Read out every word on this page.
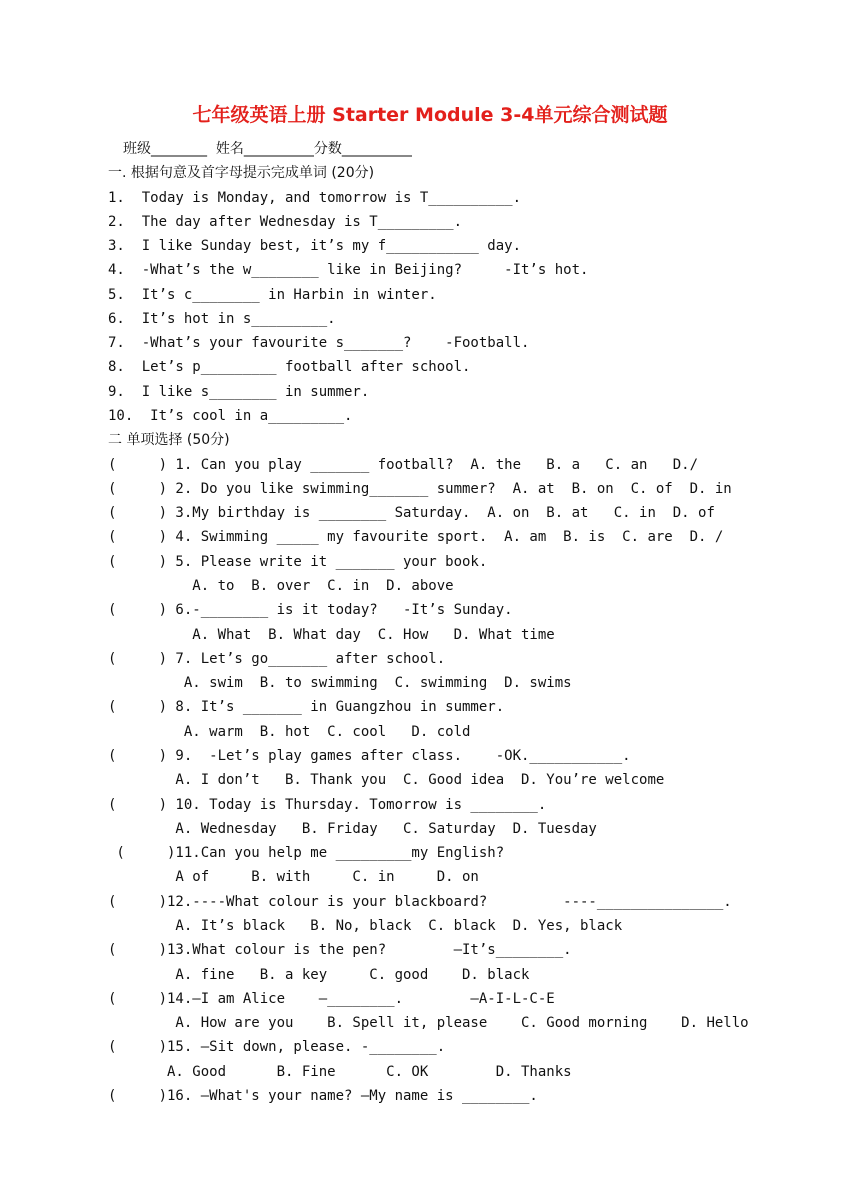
七年级英语上册 Starter Module 3-4单元综合测试题
班级________  姓名__________分数__________
一. 根据句意及首字母提示完成单词 (20分)
1.  Today is Monday, and tomorrow is T__________.
2.  The day after Wednesday is T_________.
3.  I like Sunday best, it’s my f___________ day.
4.  -What’s the w________ like in Beijing?     -It’s hot.
5.  It’s c________ in Harbin in winter.
6.  It’s hot in s_________.
7.  -What’s your favourite s_______?    -Football.
8.  Let’s p_________ football after school.
9.  I like s________ in summer.
10.  It’s cool in a_________.
二 单项选择 (50分)
(     ) 1. Can you play _______ football?  A. the   B. a   C. an   D./
(     ) 2. Do you like swimming_______ summer?  A. at  B. on  C. of  D. in
(     ) 3.My birthday is ________ Saturday.  A. on  B. at   C. in  D. of
(     ) 4. Swimming _____ my favourite sport.  A. am  B. is  C. are  D. /
(     ) 5. Please write it _______ your book.
A. to  B. over  C. in  D. above
(     ) 6.-________ is it today?   -It’s Sunday.
A. What  B. What day  C. How   D. What time
(     ) 7. Let’s go_______ after school.
A. swim  B. to swimming  C. swimming  D. swims
(     ) 8. It’s _______ in Guangzhou in summer.
A. warm  B. hot  C. cool   D. cold
(     ) 9.  -Let’s play games after class.    -OK.___________.
A. I don’t   B. Thank you  C. Good idea  D. You’re welcome
(     ) 10. Today is Thursday. Tomorrow is ________.
A. Wednesday   B. Friday   C. Saturday  D. Tuesday
(     )11.Can you help me _________my English?
A of     B. with     C. in     D. on
(     )12.----What colour is your blackboard?         ----_______________.
A. It’s black   B. No, black  C. black  D. Yes, black
(     )13.What colour is the pen?        —It’s________.
A. fine   B. a key     C. good    D. black
(     )14.—I am Alice    —________.        —A-I-L-C-E
A. How are you    B. Spell it, please    C. Good morning    D. Hello
(     )15. —Sit down, please. -________.
A. Good      B. Fine      C. OK        D. Thanks
(     )16. —What's your name? —My name is ________.
